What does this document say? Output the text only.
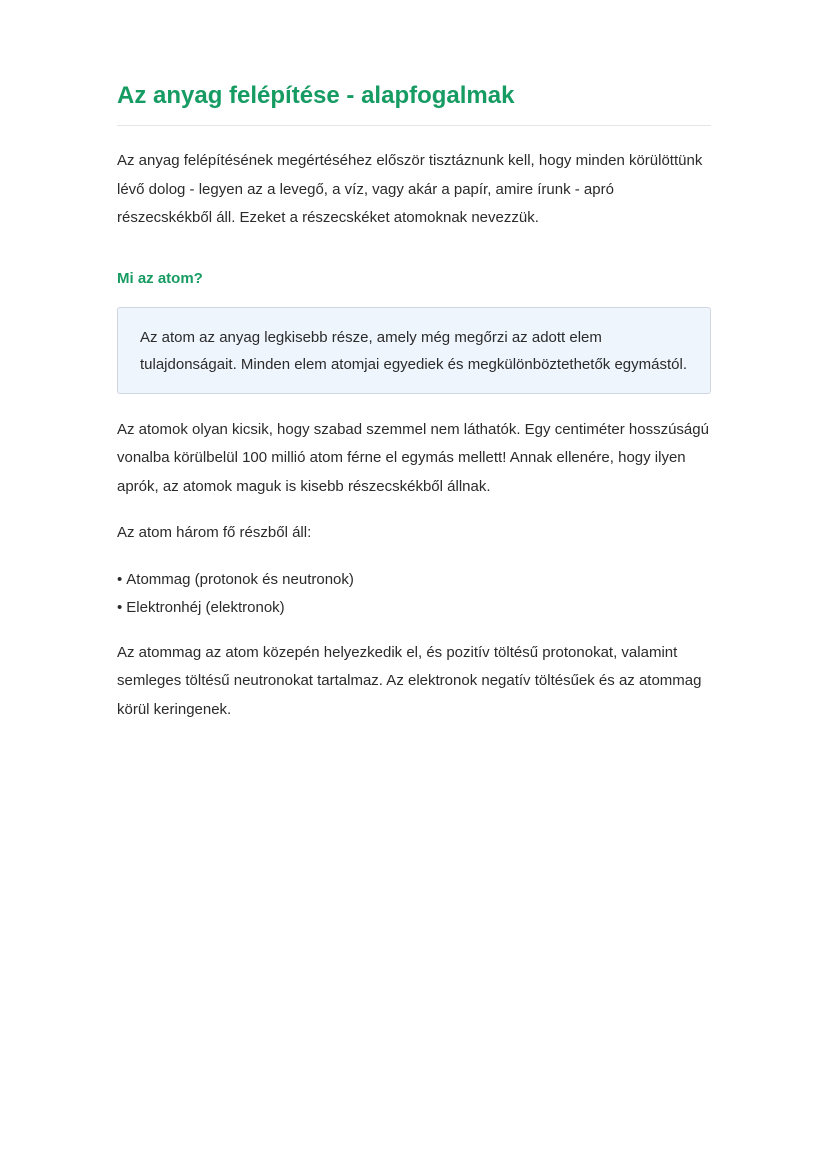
Az anyag felépítése - alapfogalmak

Az anyag felépítésének megértéséhez először tisztáznunk kell, hogy minden körülöttünk lévő dolog - legyen az a levegő, a víz, vagy akár a papír, amire írunk - apró részecskékből áll. Ezeket a részecskéket atomoknak nevezzük.

Mi az atom?

Az atom az anyag legkisebb része, amely még megőrzi az adott elem tulajdonságait. Minden elem atomjai egyediek és megkülönböztethetők egymástól.

Az atomok olyan kicsik, hogy szabad szemmel nem láthatók. Egy centiméter hosszúságú vonalba körülbelül 100 millió atom férne el egymás mellett! Annak ellenére, hogy ilyen aprók, az atomok maguk is kisebb részecskékből állnak.

Az atom három fő részből áll:

• Atommag (protonok és neutronok)
• Elektronhéj (elektronok)

Az atommag az atom közepén helyezkedik el, és pozitív töltésű protonokat, valamint semleges töltésű neutronokat tartalmaz. Az elektronok negatív töltésűek és az atommag körül keringenek.
